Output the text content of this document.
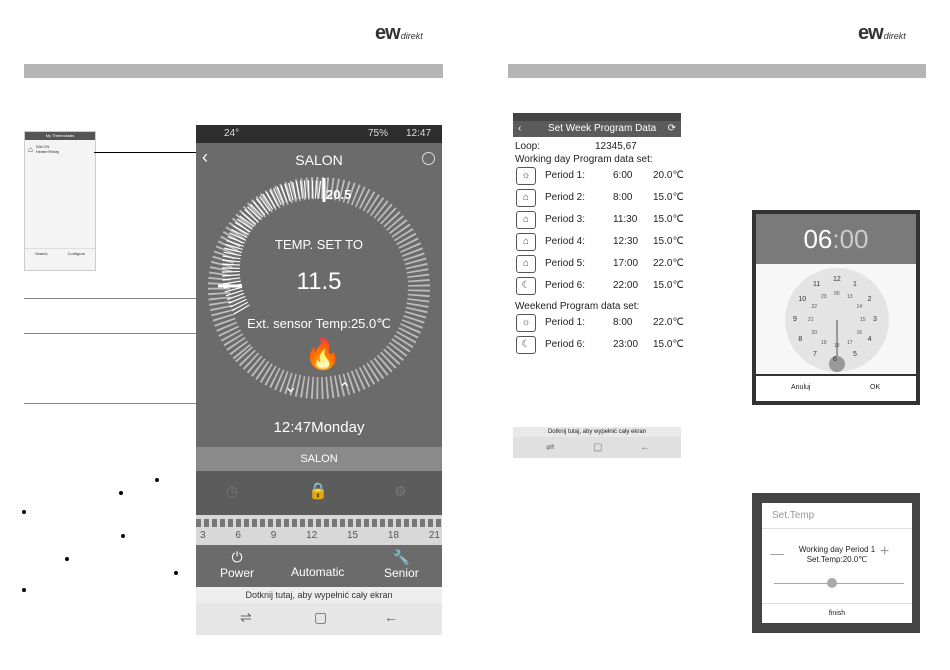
ewdirekt	ewdirekt
My Thermostats
⌂ SALON
Heater/Relay
Search	Configure
24°	75% 12:47
‹	SALON
20.5
TEMP. SET TO
11.5
Ext. sensor Temp:25.0℃
🔥
⌄	⌃
12:47Monday
SALON
◷	🔒	⚙
3	6	9	12	15	18	21
⏻
Power
	Automatic
🔧
Senior
Dotknij tutaj, aby wypełnić cały ekran
⇌	▢	←
‹	Set Week Program Data ⟳
Loop:	12345,67
Working day Program data set:
☼	Period 1:	6:00 20.0℃
⌂	Period 2:	8:00 15.0℃
⌂	Period 3:	11:30 15.0℃
⌂	Period 4:	12:30 15.0℃
⌂	Period 5:	17:00 22.0℃
☾	Period 6:	22:00 15.0℃
Weekend Program data set:
☼	Period 1:	8:00 22.0℃
☾	Period 6:	23:00 15.0℃
Dotknij tutaj, aby wypełnić cały ekran
⇌	▢	←
06:00
12
1
2
3
4
5
6
7
8
9
10
11
00
13
14
15
16
17
18
19
20
21
22
23
Anuluj	OK
Set.Temp
—	+
Working day Period 1
Set.Temp:20.0℃
finish
